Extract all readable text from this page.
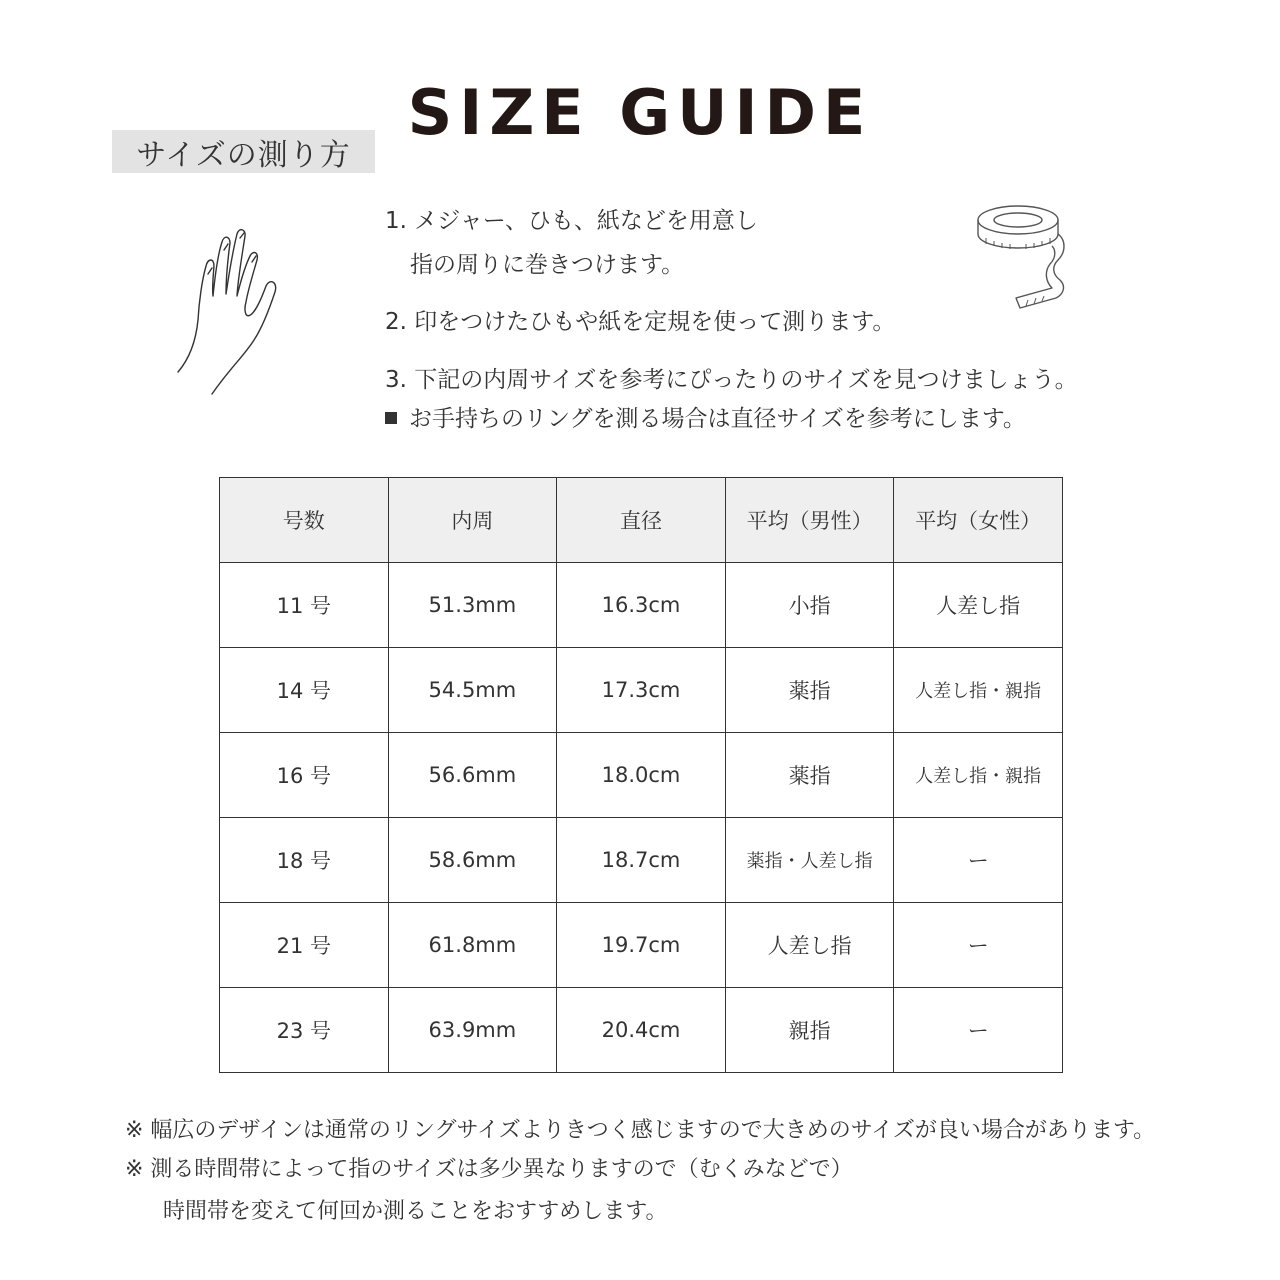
SIZE GUIDE
サイズの測り方
1. メジャー、ひも、紙などを用意し
指の周りに巻きつけます。
2. 印をつけたひもや紙を定規を使って測ります。
3. 下記の内周サイズを参考にぴったりのサイズを見つけましょう。
お手持ちのリングを測る場合は直径サイズを参考にします。
号数	内周	直径	平均（男性）	平均（女性）
11 号	51.3mm	16.3cm	小指	人差し指
14 号	54.5mm	17.3cm	薬指	人差し指・親指
16 号	56.6mm	18.0cm	薬指	人差し指・親指
18 号	58.6mm	18.7cm	薬指・人差し指	ー
21 号	61.8mm	19.7cm	人差し指	ー
23 号	63.9mm	20.4cm	親指	ー
※ 幅広のデザインは通常のリングサイズよりきつく感じますので大きめのサイズが良い場合があります。
※ 測る時間帯によって指のサイズは多少異なりますので（むくみなどで）
時間帯を変えて何回か測ることをおすすめします。
